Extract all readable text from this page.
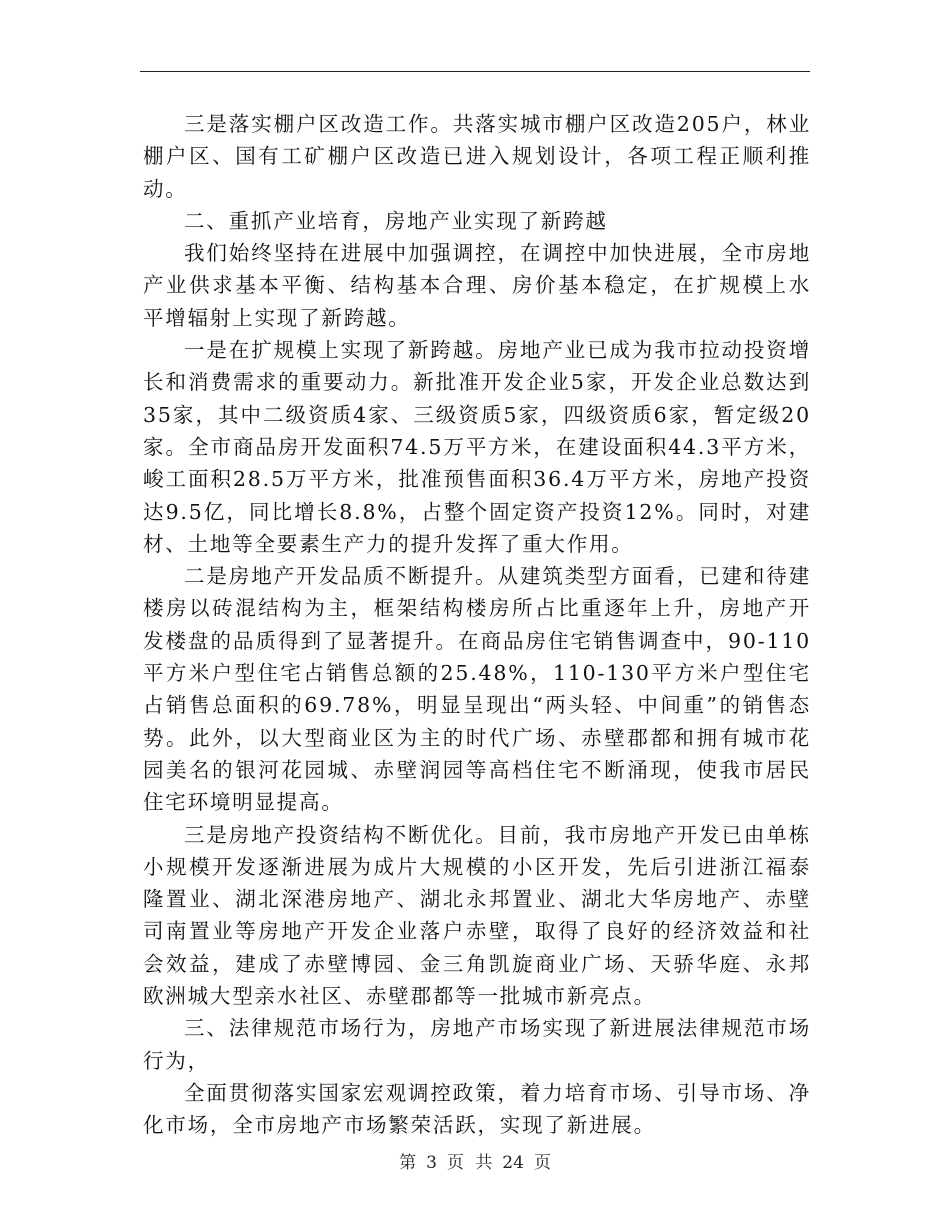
三是落实棚户区改造工作。共落实城市棚户区改造205户，林业棚户区、国有工矿棚户区改造已进入规划设计，各项工程正顺利推动。

二、重抓产业培育，房地产业实现了新跨越

我们始终坚持在进展中加强调控，在调控中加快进展，全市房地产业供求基本平衡、结构基本合理、房价基本稳定，在扩规模上水平增辐射上实现了新跨越。

一是在扩规模上实现了新跨越。房地产业已成为我市拉动投资增长和消费需求的重要动力。新批准开发企业5家，开发企业总数达到35家，其中二级资质4家、三级资质5家，四级资质6家，暂定级20家。全市商品房开发面积74.5万平方米，在建设面积44.3平方米，峻工面积28.5万平方米，批准预售面积36.4万平方米，房地产投资达9.5亿，同比增长8.8%，占整个固定资产投资12%。同时，对建材、土地等全要素生产力的提升发挥了重大作用。

二是房地产开发品质不断提升。从建筑类型方面看，已建和待建楼房以砖混结构为主，框架结构楼房所占比重逐年上升，房地产开发楼盘的品质得到了显著提升。在商品房住宅销售调查中，90-110平方米户型住宅占销售总额的25.48%，110-130平方米户型住宅占销售总面积的69.78%，明显呈现出“两头轻、中间重”的销售态势。此外，以大型商业区为主的时代广场、赤壁郡都和拥有城市花园美名的银河花园城、赤壁润园等高档住宅不断涌现，使我市居民住宅环境明显提高。

三是房地产投资结构不断优化。目前，我市房地产开发已由单栋小规模开发逐渐进展为成片大规模的小区开发，先后引进浙江福泰隆置业、湖北深港房地产、湖北永邦置业、湖北大华房地产、赤壁司南置业等房地产开发企业落户赤壁，取得了良好的经济效益和社会效益，建成了赤壁博园、金三角凯旋商业广场、天骄华庭、永邦欧洲城大型亲水社区、赤壁郡都等一批城市新亮点。

三、法律规范市场行为，房地产市场实现了新进展法律规范市场行为，

全面贯彻落实国家宏观调控政策，着力培育市场、引导市场、净化市场，全市房地产市场繁荣活跃，实现了新进展。

第 3 页 共 24 页
